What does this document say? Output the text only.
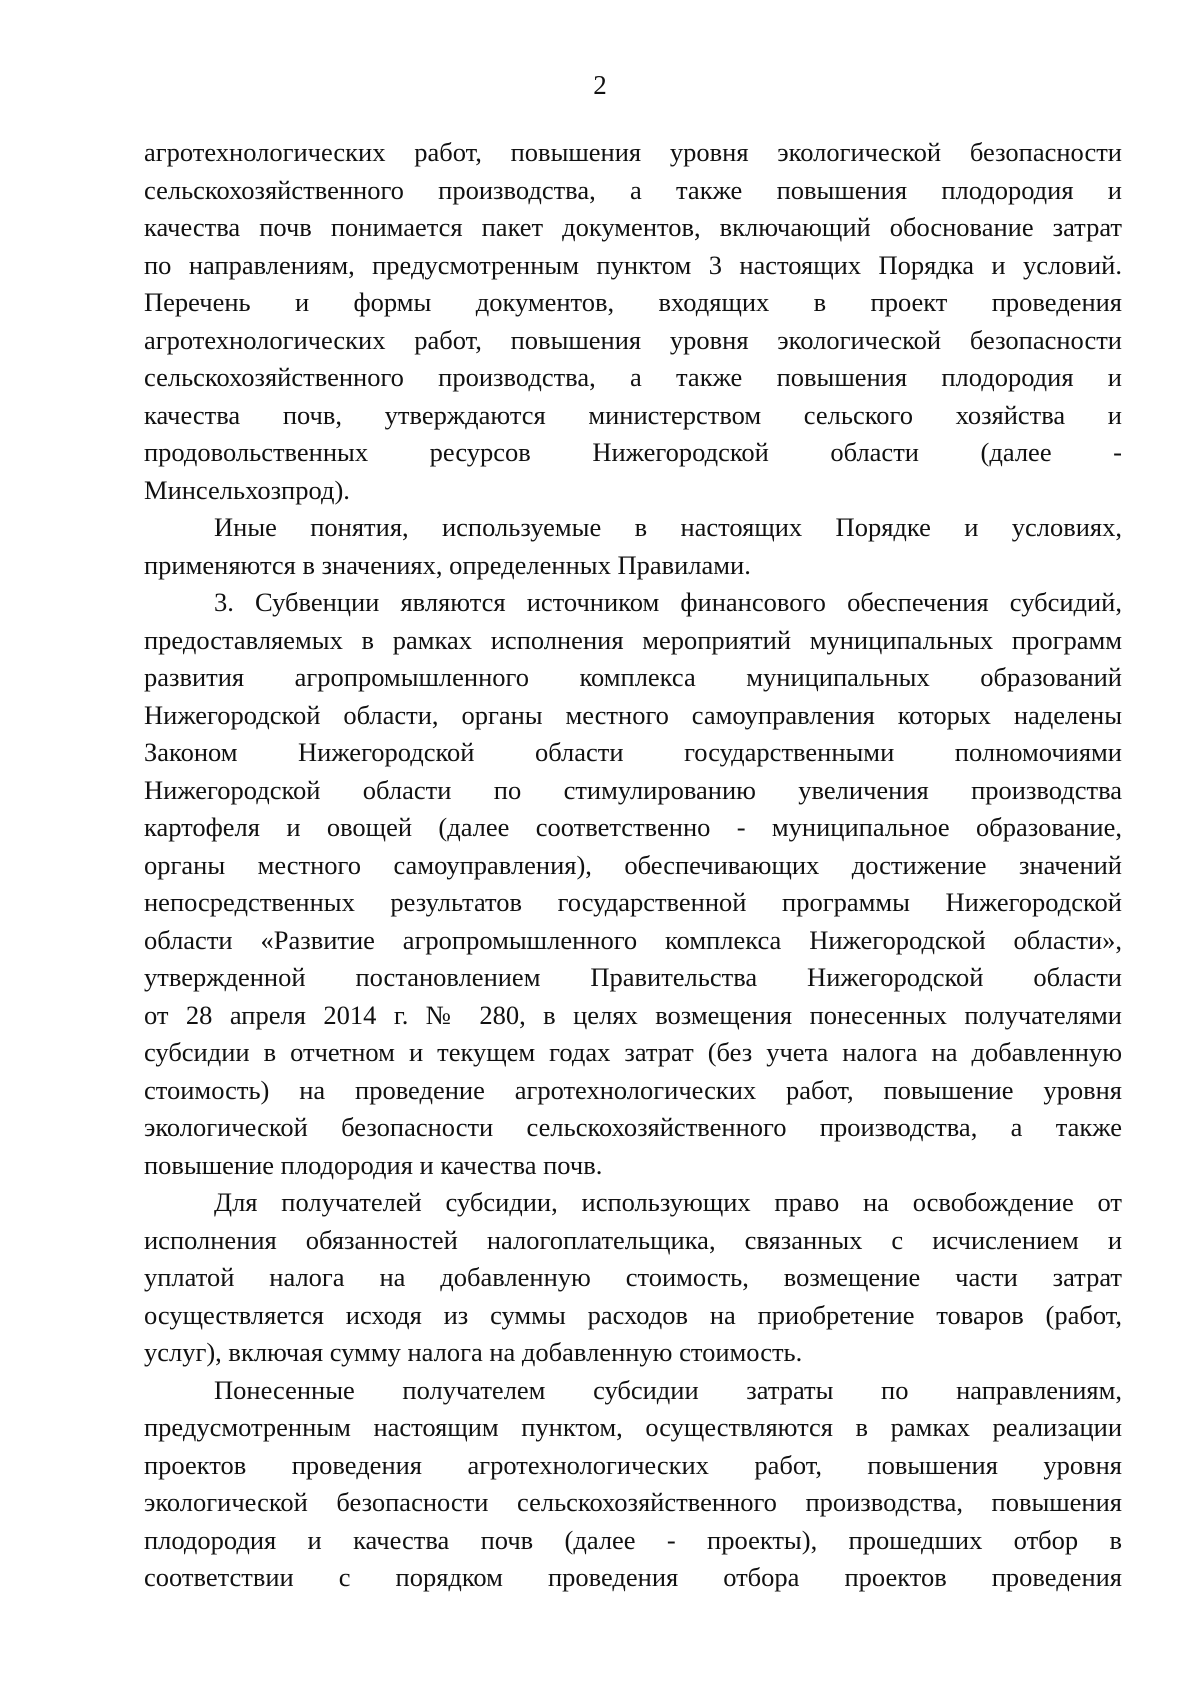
2
агротехнологических работ, повышения уровня экологической безопасности
сельскохозяйственного производства, а также повышения плодородия и
качества почв понимается пакет документов, включающий обоснование затрат
по направлениям, предусмотренным пунктом 3 настоящих Порядка и условий.
Перечень и формы документов, входящих в проект проведения
агротехнологических работ, повышения уровня экологической безопасности
сельскохозяйственного производства, а также повышения плодородия и
качества почв, утверждаются министерством сельского хозяйства и
продовольственных ресурсов Нижегородской области (далее -
Минсельхозпрод).
Иные понятия, используемые в настоящих Порядке и условиях,
применяются в значениях, определенных Правилами.
3. Субвенции являются источником финансового обеспечения субсидий,
предоставляемых в рамках исполнения мероприятий муниципальных программ
развития агропромышленного комплекса муниципальных образований
Нижегородской области, органы местного самоуправления которых наделены
Законом Нижегородской области государственными полномочиями
Нижегородской области по стимулированию увеличения производства
картофеля и овощей (далее соответственно - муниципальное образование,
органы местного самоуправления), обеспечивающих достижение значений
непосредственных результатов государственной программы Нижегородской
области «Развитие агропромышленного комплекса Нижегородской области»,
утвержденной постановлением Правительства Нижегородской области
от 28 апреля 2014 г. № 280, в целях возмещения понесенных получателями
субсидии в отчетном и текущем годах затрат (без учета налога на добавленную
стоимость) на проведение агротехнологических работ, повышение уровня
экологической безопасности сельскохозяйственного производства, а также
повышение плодородия и качества почв.
Для получателей субсидии, использующих право на освобождение от
исполнения обязанностей налогоплательщика, связанных с исчислением и
уплатой налога на добавленную стоимость, возмещение части затрат
осуществляется исходя из суммы расходов на приобретение товаров (работ,
услуг), включая сумму налога на добавленную стоимость.
Понесенные получателем субсидии затраты по направлениям,
предусмотренным настоящим пунктом, осуществляются в рамках реализации
проектов проведения агротехнологических работ, повышения уровня
экологической безопасности сельскохозяйственного производства, повышения
плодородия и качества почв (далее - проекты), прошедших отбор в
соответствии с порядком проведения отбора проектов проведения
